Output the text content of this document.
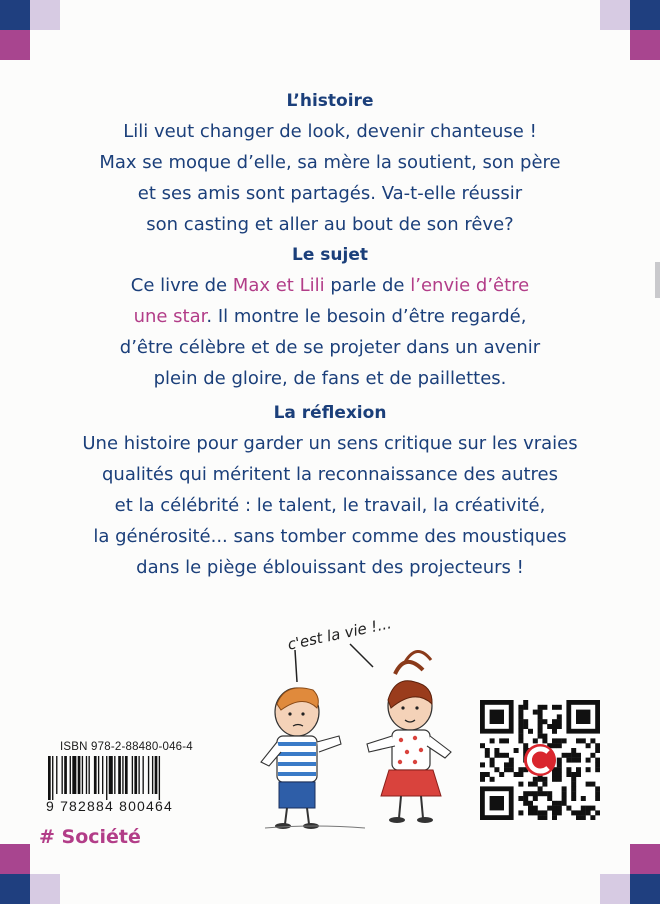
L’histoire

Lili veut changer de look, devenir chanteuse !

Max se moque d’elle, sa mère la soutient, son père

et ses amis sont partagés. Va-t-elle réussir

son casting et aller au bout de son rêve?

Le sujet

Ce livre de Max et Lili parle de l’envie d’être

une star. Il montre le besoin d’être regardé,

d’être célèbre et de se projeter dans un avenir

plein de gloire, de fans et de paillettes.

La réflexion

Une histoire pour garder un sens critique sur les vraies

qualités qui méritent la reconnaissance des autres

et la célébrité : le talent, le travail, la créativité,

la générosité... sans tomber comme des moustiques

dans le piège éblouissant des projecteurs !

c'est la vie !...
ISBN 978-2-88480-046-4
9 782884 800464
# Société
